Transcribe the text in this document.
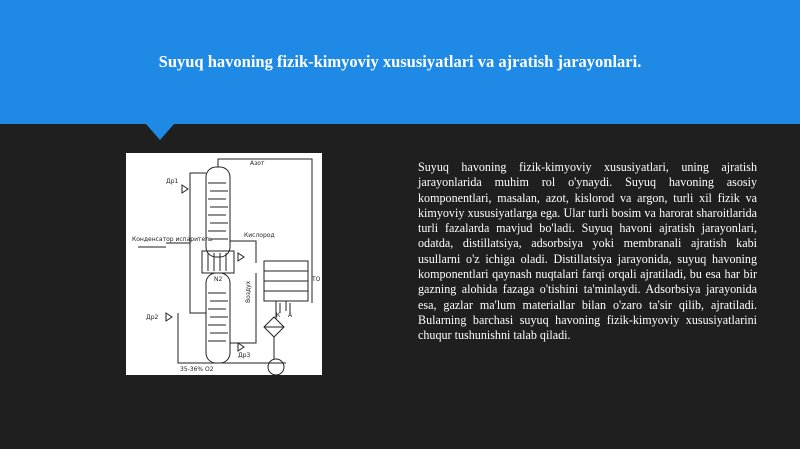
Suyuq havoning fizik-kimyoviy xususiyatlari va ajratish jarayonlari.
Азот
Дp1
Конденсатор испаритель
Кислород
N2	ТО
К А
Дp2
Дp3
Воздух
35-36% O2
Suyuq havoning fizik-kimyoviy xususiyatlari, uning ajratish jarayonlarida muhim rol o'ynaydi. Suyuq havoning asosiy komponentlari, masalan, azot, kislorod va argon, turli xil fizik va kimyoviy xususiyatlarga ega. Ular turli bosim va harorat sharoitlarida turli fazalarda mavjud bo'ladi. Suyuq havoni ajratish jarayonlari, odatda, distillatsiya, adsorbsiya yoki membranali ajratish kabi usullarni o'z ichiga oladi. Distillatsiya jarayonida, suyuq havoning komponentlari qaynash nuqtalari farqi orqali ajratiladi, bu esa har bir gazning alohida fazaga o'tishini ta'minlaydi. Adsorbsiya jarayonida esa, gazlar ma'lum materiallar bilan o'zaro ta'sir qilib, ajratiladi. Bularning barchasi suyuq havoning fizik-kimyoviy xususiyatlarini chuqur tushunishni talab qiladi.
